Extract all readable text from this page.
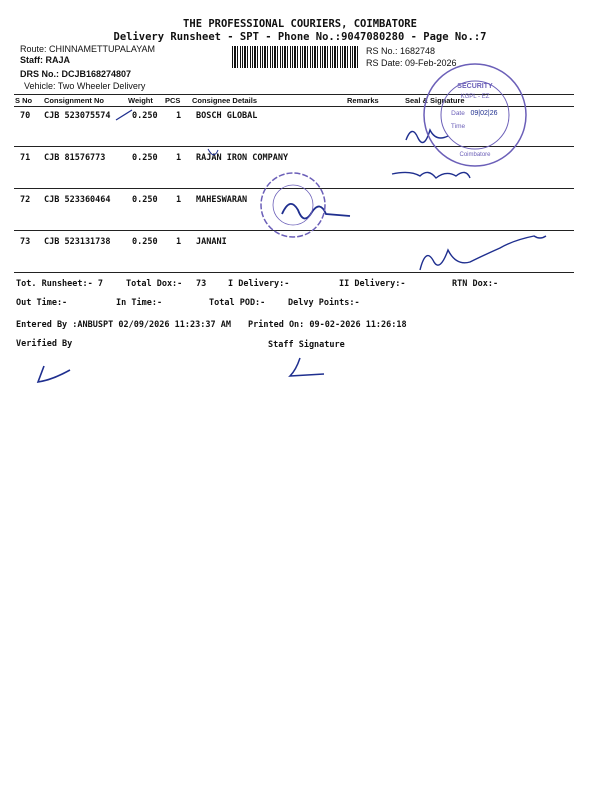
THE PROFESSIONAL COURIERS, COIMBATORE
Delivery Runsheet - SPT - Phone No.:9047080280 - Page No.:7
Route: CHINNAMETTUPALAYAM
Staff: RAJA
DRS No.: DCJB168274807
Vehicle: Two Wheeler Delivery
RS No.: 1682748
RS Date: 09-Feb-2026
S No Consignment No	Weight PCS Consignee Details	Remarks	Seal & Signature
70 CJB 523075574	0.250 1 BOSCH GLOBAL
71 CJB 81576773	0.250 1 RAJAN IRON COMPANY
72 CJB 523360464	0.250 1 MAHESWARAN
73 CJB 523131738	0.250 1 JANANI
Tot. Runsheet:- 7	Total Dox:- 73	I Delivery:-	II Delivery:-	RTN Dox:-
Out Time:-	In Time:-	Total POD:-	Delvy Points:-
Entered By :ANBUSPT 02/09/2026 11:23:37 AM Printed On: 09-02-2026 11:26:18
Verified By	Staff Signature
SECURITY
KGPL - EZ
Date 09|02|26
Time
Coimbatore
